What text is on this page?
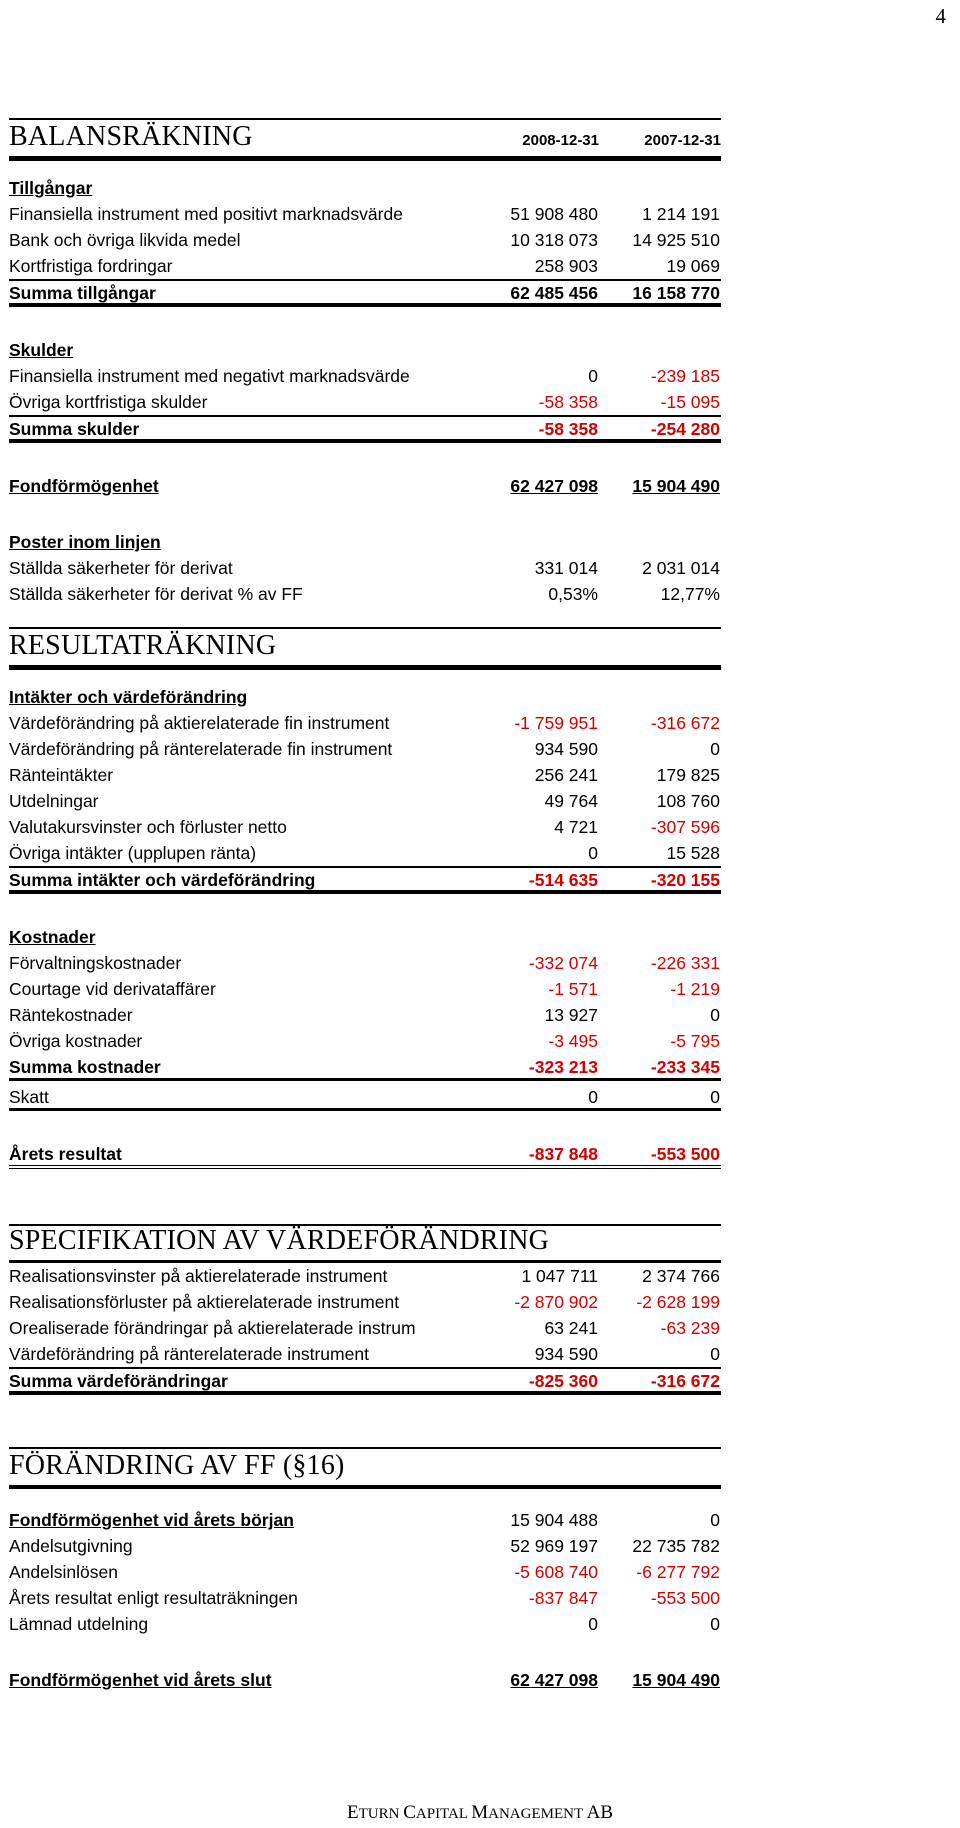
4
BALANSRÄKNING	2008-12-31	2007-12-31
Tillgångar
Finansiella instrument med positivt marknadsvärde	51 908 480	1 214 191
Bank och övriga likvida medel	10 318 073	14 925 510
Kortfristiga fordringar	258 903	19 069
Summa tillgångar	62 485 456	16 158 770
Skulder
Finansiella instrument med negativt marknadsvärde	0	-239 185
Övriga kortfristiga skulder	-58 358	-15 095
Summa skulder	-58 358	-254 280
Fondförmögenhet	62 427 098	15 904 490
Poster inom linjen
Ställda säkerheter för derivat	331 014	2 031 014
Ställda säkerheter för derivat % av FF	0,53%	12,77%
RESULTATRÄKNING
Intäkter och värdeförändring
Värdeförändring på aktierelaterade fin instrument	-1 759 951	-316 672
Värdeförändring på ränterelaterade fin instrument	934 590	0
Ränteintäkter	256 241	179 825
Utdelningar	49 764	108 760
Valutakursvinster och förluster netto	4 721	-307 596
Övriga intäkter (upplupen ränta)	0	15 528
Summa intäkter och värdeförändring	-514 635	-320 155
Kostnader
Förvaltningskostnader	-332 074	-226 331
Courtage vid derivataffärer	-1 571	-1 219
Räntekostnader	13 927	0
Övriga kostnader	-3 495	-5 795
Summa kostnader	-323 213	-233 345
Skatt	0	0
Årets resultat	-837 848	-553 500
SPECIFIKATION AV VÄRDEFÖRÄNDRING
Realisationsvinster på aktierelaterade instrument	1 047 711	2 374 766
Realisationsförluster på aktierelaterade instrument	-2 870 902	-2 628 199
Orealiserade förändringar på aktierelaterade instrum	63 241	-63 239
Värdeförändring på ränterelaterade instrument	934 590	0
Summa värdeförändringar	-825 360	-316 672
FÖRÄNDRING AV FF (§16)
Fondförmögenhet vid årets början	15 904 488	0
Andelsutgivning	52 969 197	22 735 782
Andelsinlösen	-5 608 740	-6 277 792
Årets resultat enligt resultaträkningen	-837 847	-553 500
Lämnad utdelning	0	0
Fondförmögenhet vid årets slut	62 427 098	15 904 490
ETURN CAPITAL MANAGEMENT AB
